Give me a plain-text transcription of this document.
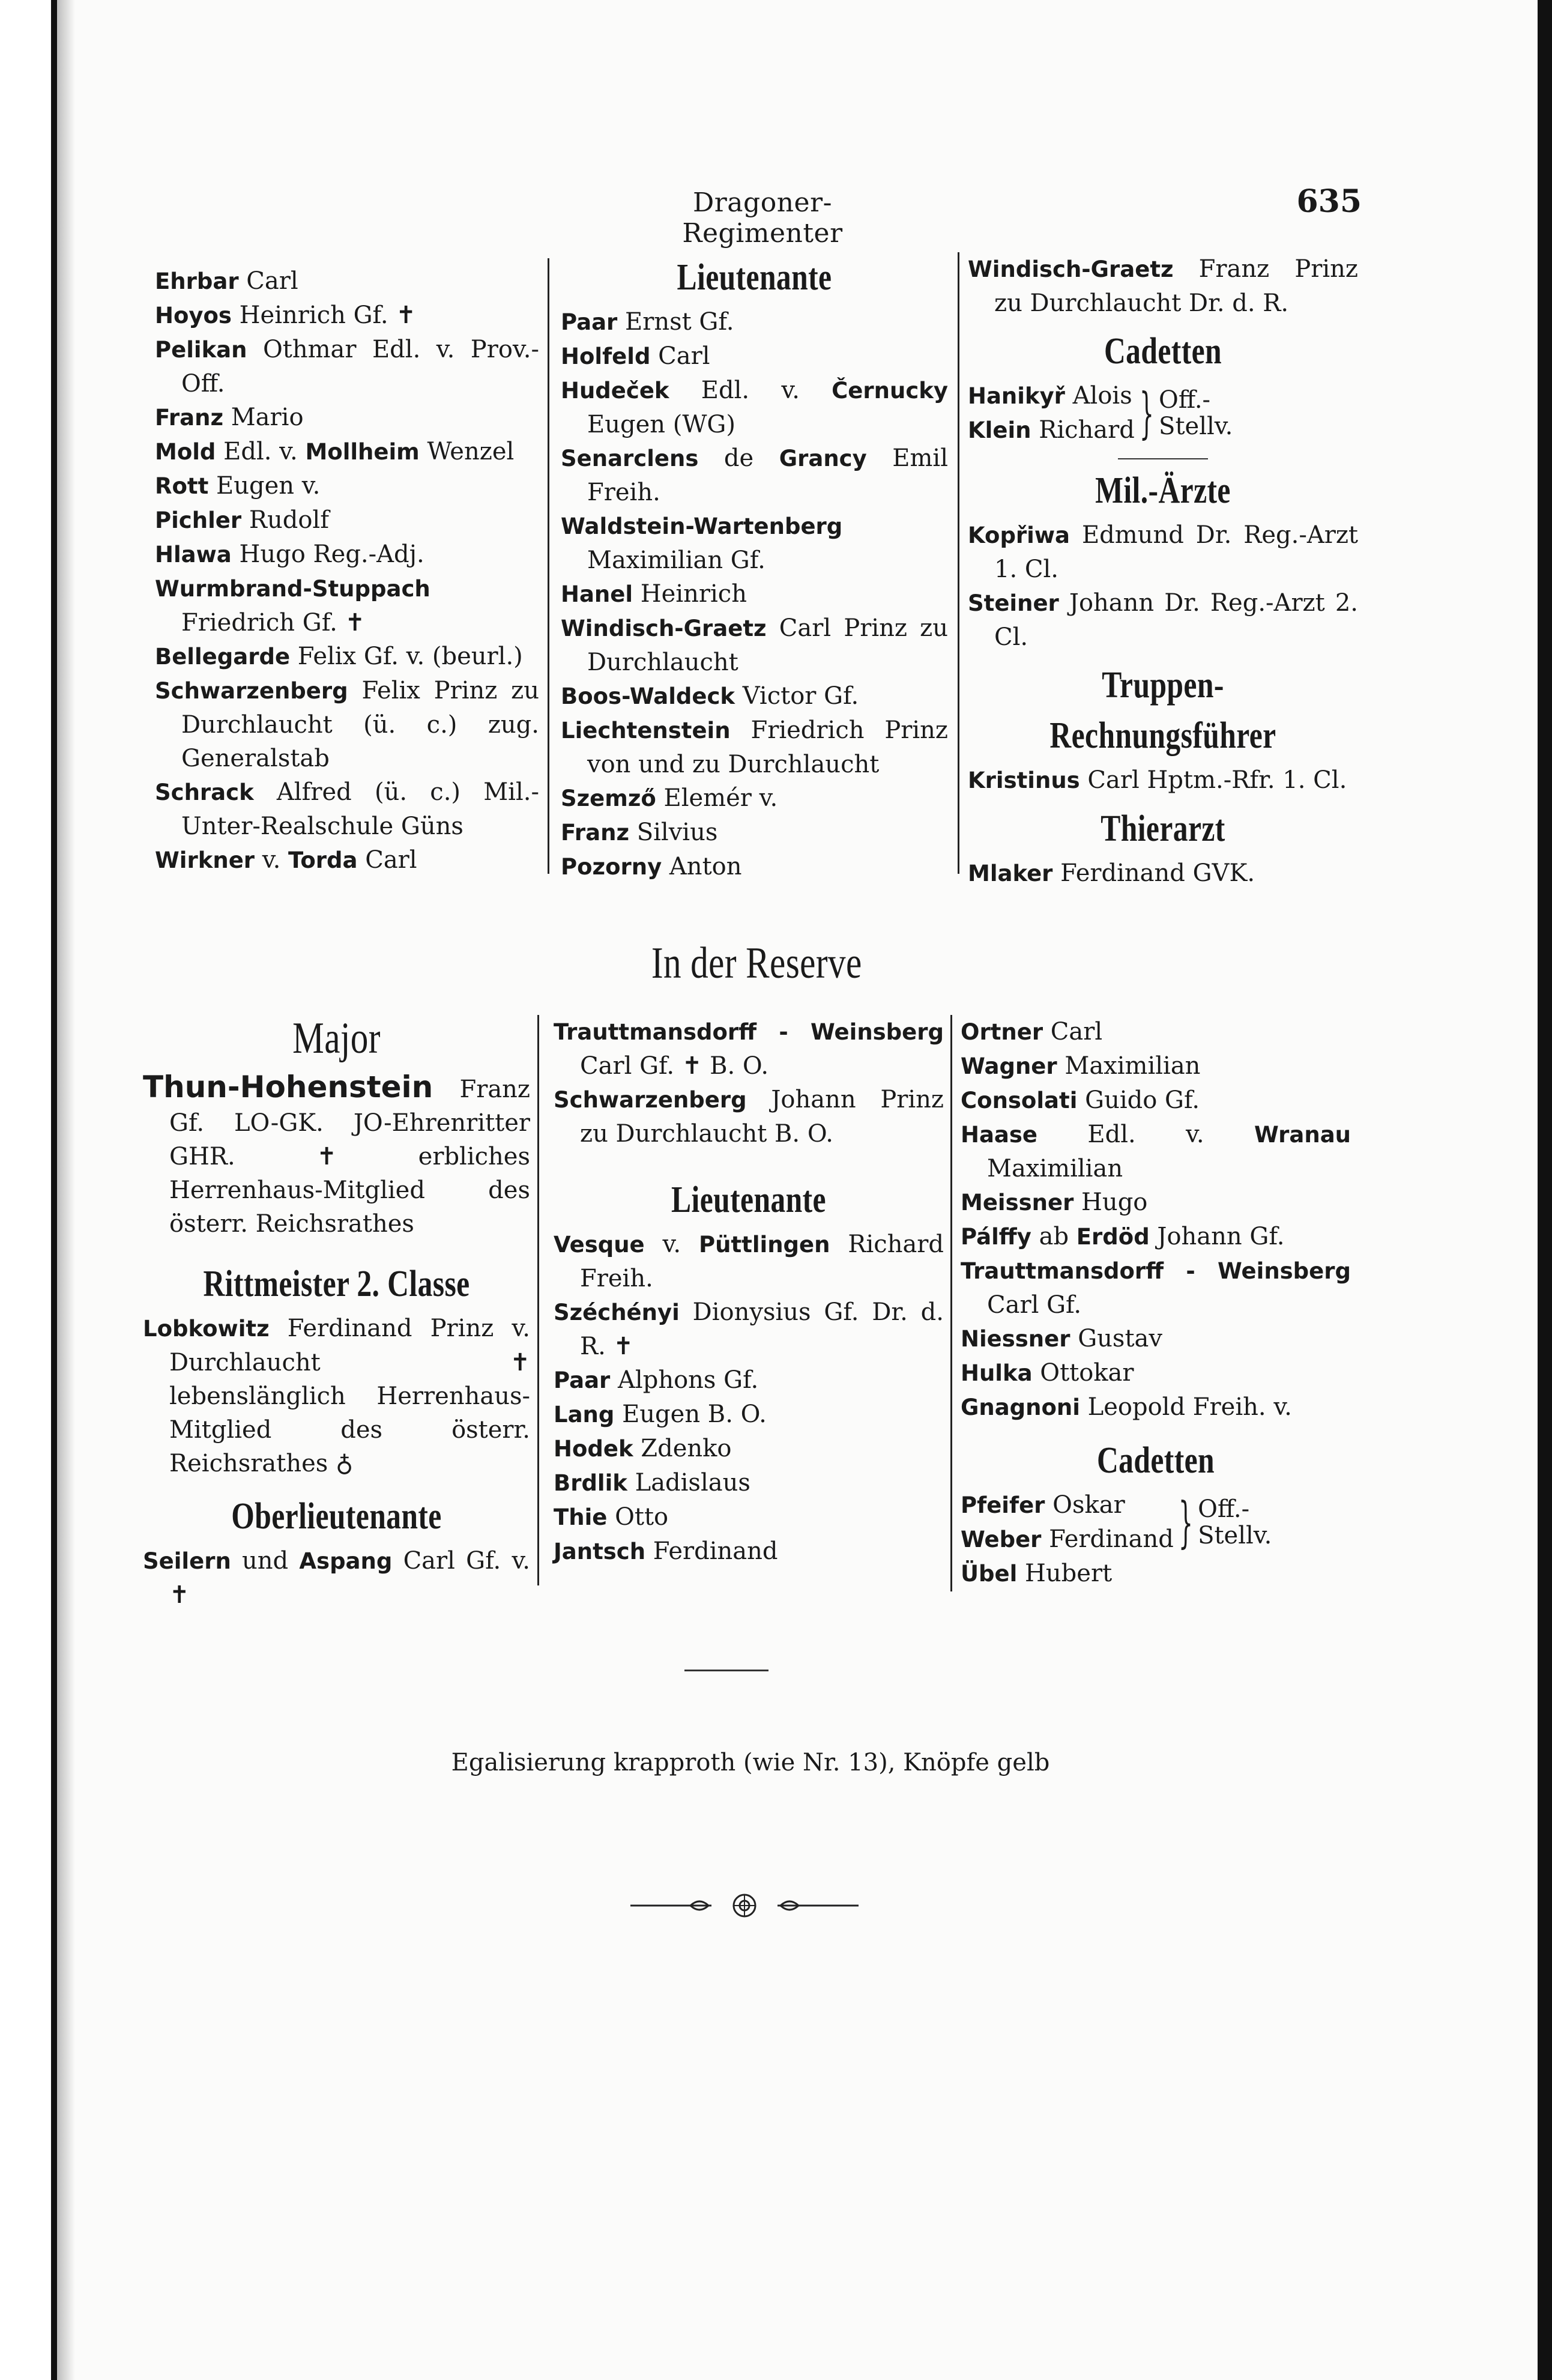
Dragoner-Regimenter
635
Ehrbar Carl
Hoyos Heinrich Gf. ✝
Pelikan Othmar Edl. v. Prov.-Off.
Franz Mario
Mold Edl. v. Mollheim Wenzel
Rott Eugen v.
Pichler Rudolf
Hlawa Hugo Reg.-Adj.
Wurmbrand-Stuppach Friedrich Gf. ✝
Bellegarde Felix Gf. v. (beurl.)
Schwarzenberg Felix Prinz zu Durchlaucht (ü. c.) zug. Generalstab
Schrack Alfred (ü. c.) Mil.-Unter-Realschule Güns
Wirkner v. Torda Carl
Lieutenante
Paar Ernst Gf.
Holfeld Carl
Hudeček Edl. v. Černucky Eugen (WG)
Senarclens de Grancy Emil Freih.
Waldstein-Wartenberg Maximilian Gf.
Hanel Heinrich
Windisch-Graetz Carl Prinz zu Durchlaucht
Boos-Waldeck Victor Gf.
Liechtenstein Friedrich Prinz von und zu Durchlaucht
Szemző Elemér v.
Franz Silvius
Pozorny Anton
Windisch-Graetz Franz Prinz zu Durchlaucht Dr. d. R.
Cadetten
Hanikyř Alois
Klein Richard } Off.-
Stellv.
Mil.-Ärzte
Kopřiwa Edmund Dr. Reg.-Arzt 1. Cl.
Steiner Johann Dr. Reg.-Arzt 2. Cl.
Truppen-Rechnungsführer
Kristinus Carl Hptm.-Rfr. 1. Cl.
Thierarzt
Mlaker Ferdinand GVK.
In der Reserve
Major
Thun-Hohenstein Franz Gf. LO-GK. JO-Ehrenritter GHR. ✝ erbliches Herrenhaus-Mitglied des österr. Reichsrathes
Rittmeister 2. Classe
Lobkowitz Ferdinand Prinz v. Durchlaucht ✝ lebenslänglich Herrenhaus-Mitglied des österr. Reichsrathes ♁
Oberlieutenante
Seilern und Aspang Carl Gf. v. ✝
Trauttmansdorff - Weinsberg Carl Gf. ✝ B. O.
Schwarzenberg Johann Prinz zu Durchlaucht B. O.
Lieutenante
Vesque v. Püttlingen Richard Freih.
Széchényi Dionysius Gf. Dr. d. R. ✝
Paar Alphons Gf.
Lang Eugen B. O.
Hodek Zdenko
Brdlik Ladislaus
Thie Otto
Jantsch Ferdinand
Ortner Carl
Wagner Maximilian
Consolati Guido Gf.
Haase Edl. v. Wranau Maximilian
Meissner Hugo
Pálffy ab Erdöd Johann Gf.
Trauttmansdorff - Weinsberg Carl Gf.
Niessner Gustav
Hulka Ottokar
Gnagnoni Leopold Freih. v.
Cadetten
Pfeifer Oskar
Weber Ferdinand } Off.-
Stellv.
Übel Hubert
Egalisierung krapproth (wie Nr. 13), Knöpfe gelb
